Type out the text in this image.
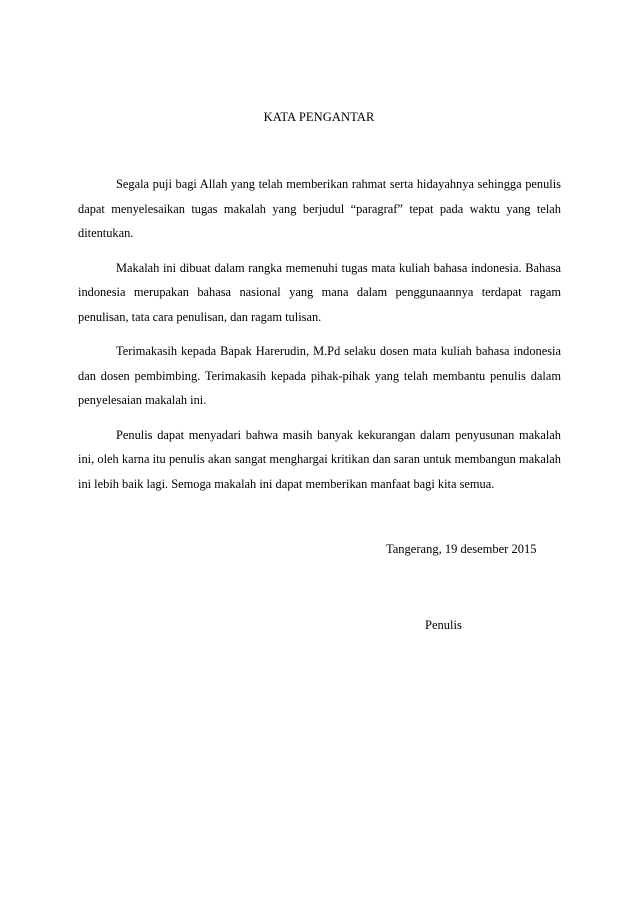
KATA PENGANTAR

Segala puji bagi Allah yang telah memberikan rahmat serta hidayahnya sehingga penulis dapat menyelesaikan tugas makalah yang berjudul “paragraf” tepat pada waktu yang telah ditentukan.

Makalah ini dibuat dalam rangka memenuhi tugas mata kuliah bahasa indonesia. Bahasa indonesia merupakan bahasa nasional yang mana dalam penggunaannya terdapat ragam penulisan, tata cara penulisan, dan ragam tulisan.

Terimakasih kepada Bapak Harerudin, M.Pd selaku dosen mata kuliah bahasa indonesia dan dosen pembimbing. Terimakasih kepada pihak-pihak yang telah membantu penulis dalam penyelesaian makalah ini.

Penulis dapat menyadari bahwa masih banyak kekurangan dalam penyusunan makalah ini, oleh karna itu penulis akan sangat menghargai kritikan dan saran untuk membangun makalah ini lebih baik lagi. Semoga makalah ini dapat memberikan manfaat bagi kita semua.

Tangerang, 19 desember 2015
Penulis
